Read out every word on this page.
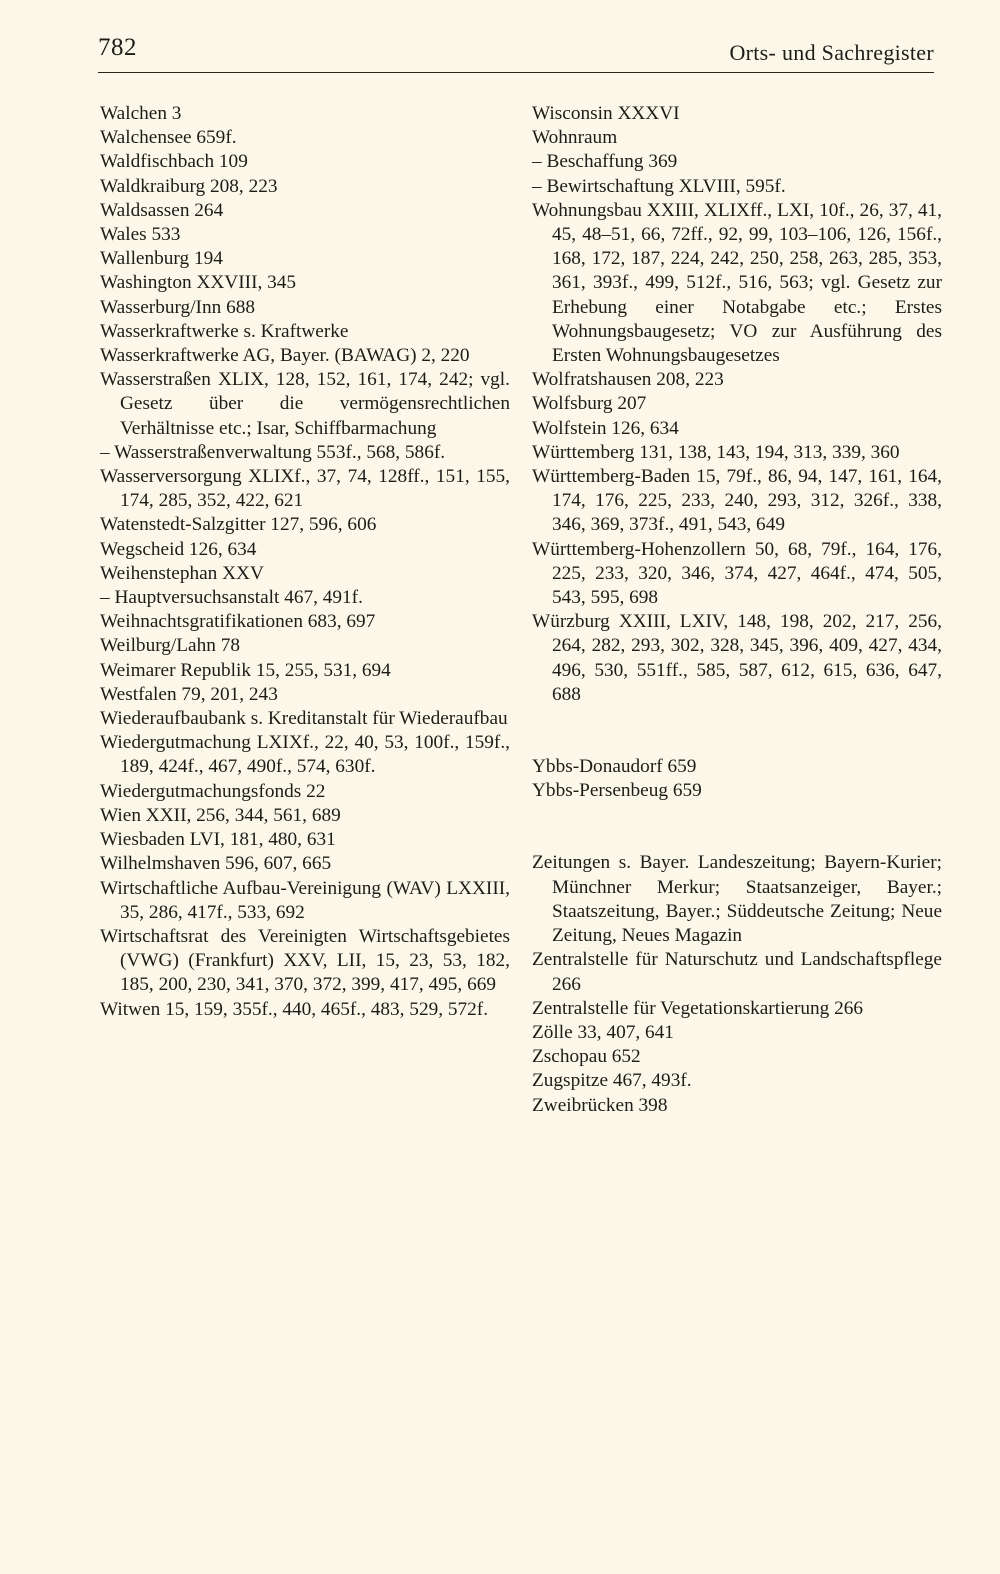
782	Orts- und Sachregister
Walchen 3
Walchensee 659f.
Waldfischbach 109
Waldkraiburg 208, 223
Waldsassen 264
Wales 533
Wallenburg 194
Washington XXVIII, 345
Wasserburg/Inn 688
Wasserkraftwerke s. Kraftwerke
Wasserkraftwerke AG, Bayer. (BAWAG) 2, 220
Wasserstraßen XLIX, 128, 152, 161, 174, 242; vgl. Gesetz über die vermögensrechtlichen Verhältnisse etc.; Isar, Schiffbarmachung
– Wasserstraßenverwaltung 553f., 568, 586f.
Wasserversorgung XLIXf., 37, 74, 128ff., 151, 155, 174, 285, 352, 422, 621
Watenstedt-Salzgitter 127, 596, 606
Wegscheid 126, 634
Weihenstephan XXV
– Hauptversuchsanstalt 467, 491f.
Weihnachtsgratifikationen 683, 697
Weilburg/Lahn 78
Weimarer Republik 15, 255, 531, 694
Westfalen 79, 201, 243
Wiederaufbaubank s. Kreditanstalt für Wiederaufbau
Wiedergutmachung LXIXf., 22, 40, 53, 100f., 159f., 189, 424f., 467, 490f., 574, 630f.
Wiedergutmachungsfonds 22
Wien XXII, 256, 344, 561, 689
Wiesbaden LVI, 181, 480, 631
Wilhelmshaven 596, 607, 665
Wirtschaftliche Aufbau-Vereinigung (WAV) LXXIII, 35, 286, 417f., 533, 692
Wirtschaftsrat des Vereinigten Wirtschaftsgebietes (VWG) (Frankfurt) XXV, LII, 15, 23, 53, 182, 185, 200, 230, 341, 370, 372, 399, 417, 495, 669
Witwen 15, 159, 355f., 440, 465f., 483, 529, 572f.
Wisconsin XXXVI
Wohnraum
– Beschaffung 369
– Bewirtschaftung XLVIII, 595f.
Wohnungsbau XXIII, XLIXff., LXI, 10f., 26, 37, 41, 45, 48–51, 66, 72ff., 92, 99, 103–106, 126, 156f., 168, 172, 187, 224, 242, 250, 258, 263, 285, 353, 361, 393f., 499, 512f., 516, 563; vgl. Gesetz zur Erhebung einer Notabgabe etc.; Erstes Wohnungsbaugesetz; VO zur Ausführung des Ersten Wohnungsbaugesetzes
Wolfratshausen 208, 223
Wolfsburg 207
Wolfstein 126, 634
Württemberg 131, 138, 143, 194, 313, 339, 360
Württemberg-Baden 15, 79f., 86, 94, 147, 161, 164, 174, 176, 225, 233, 240, 293, 312, 326f., 338, 346, 369, 373f., 491, 543, 649
Württemberg-Hohenzollern 50, 68, 79f., 164, 176, 225, 233, 320, 346, 374, 427, 464f., 474, 505, 543, 595, 698
Würzburg XXIII, LXIV, 148, 198, 202, 217, 256, 264, 282, 293, 302, 328, 345, 396, 409, 427, 434, 496, 530, 551ff., 585, 587, 612, 615, 636, 647, 688
Ybbs-Donaudorf 659
Ybbs-Persenbeug 659
Zeitungen s. Bayer. Landeszeitung; Bayern-Kurier; Münchner Merkur; Staatsanzeiger, Bayer.; Staatszeitung, Bayer.; Süddeutsche Zeitung; Neue Zeitung, Neues Magazin
Zentralstelle für Naturschutz und Landschaftspflege 266
Zentralstelle für Vegetationskartierung 266
Zölle 33, 407, 641
Zschopau 652
Zugspitze 467, 493f.
Zweibrücken 398
